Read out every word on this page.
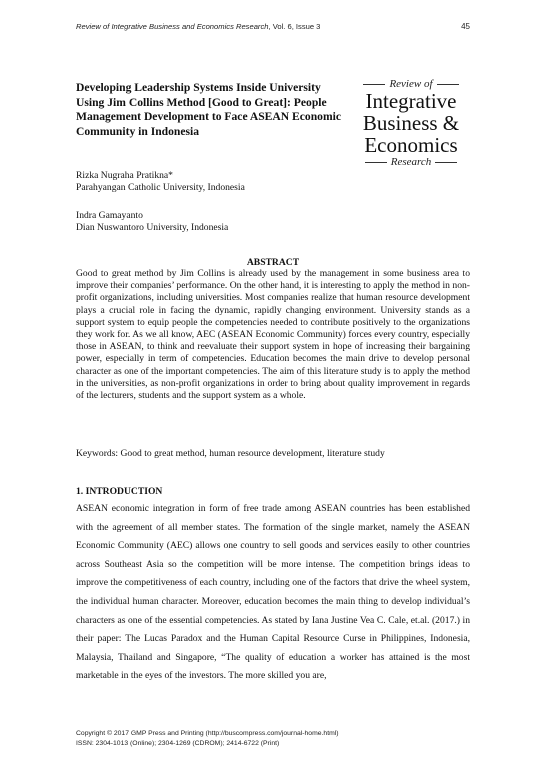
Review of Integrative Business and Economics Research, Vol. 6, Issue 3	45
Developing Leadership Systems Inside University Using Jim Collins Method [Good to Great]: People Management Development to Face ASEAN Economic Community in Indonesia
Review of
Integrative
Business &
Economics
Research
Rizka Nugraha Pratikna*
Parahyangan Catholic University, Indonesia
Indra Gamayanto
Dian Nuswantoro University, Indonesia
ABSTRACT

Good to great method by Jim Collins is already used by the management in some business area to improve their companies’ performance. On the other hand, it is interesting to apply the method in non-profit organizations, including universities. Most companies realize that human resource development plays a crucial role in facing the dynamic, rapidly changing environment. University stands as a support system to equip people the competencies needed to contribute positively to the organizations they work for. As we all know, AEC (ASEAN Economic Community) forces every country, especially those in ASEAN, to think and reevaluate their support system in hope of increasing their bargaining power, especially in term of competencies. Education becomes the main drive to develop personal character as one of the important competencies. The aim of this literature study is to apply the method in the universities, as non-profit organizations in order to bring about quality improvement in regards of the lecturers, students and the support system as a whole.

Keywords: Good to great method, human resource development, literature study

1. INTRODUCTION

ASEAN economic integration in form of free trade among ASEAN countries has been established with the agreement of all member states. The formation of the single market, namely the ASEAN Economic Community (AEC) allows one country to sell goods and services easily to other countries across Southeast Asia so the competition will be more intense. The competition brings ideas to improve the competitiveness of each country, including one of the factors that drive the wheel system, the individual human character. Moreover, education becomes the main thing to develop individual’s characters as one of the essential competencies. As stated by Iana Justine Vea C. Cale, et.al. (2017.) in their paper: The Lucas Paradox and the Human Capital Resource Curse in Philippines, Indonesia, Malaysia, Thailand and Singapore, “The quality of education a worker has attained is the most marketable in the eyes of the investors. The more skilled you are,

Copyright © 2017 GMP Press and Printing (http://buscompress.com/journal-home.html)
ISSN: 2304-1013 (Online); 2304-1269 (CDROM); 2414-6722 (Print)
